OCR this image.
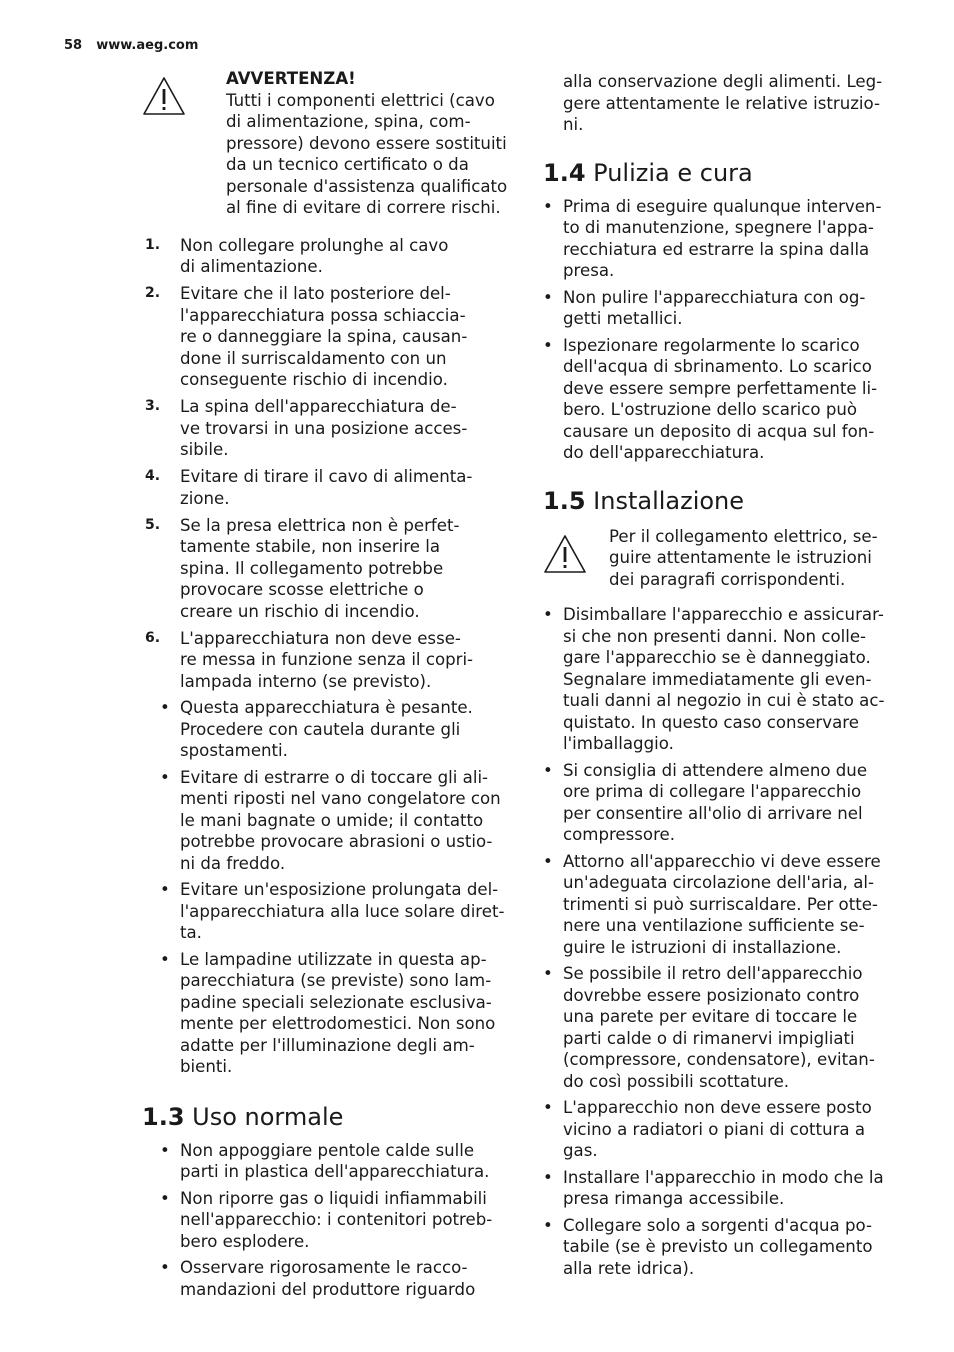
58 www.aeg.com
AVVERTENZA!
Tutti i componenti elettrici (cavo
di alimentazione, spina, com-
pressore) devono essere sostituiti
da un tecnico certificato o da
personale d'assistenza qualificato
al fine di evitare di correre rischi.
1. Non collegare prolunghe al cavo
di alimentazione.
2. Evitare che il lato posteriore del-
l'apparecchiatura possa schiaccia-
re o danneggiare la spina, causan-
done il surriscaldamento con un
conseguente rischio di incendio.
3. La spina dell'apparecchiatura de-
ve trovarsi in una posizione acces-
sibile.
4. Evitare di tirare il cavo di alimenta-
zione.
5. Se la presa elettrica non è perfet-
tamente stabile, non inserire la
spina. Il collegamento potrebbe
provocare scosse elettriche o
creare un rischio di incendio.
6. L'apparecchiatura non deve esse-
re messa in funzione senza il copri-
lampada interno (se previsto).
• Questa apparecchiatura è pesante.
Procedere con cautela durante gli
spostamenti.
• Evitare di estrarre o di toccare gli ali-
menti riposti nel vano congelatore con
le mani bagnate o umide; il contatto
potrebbe provocare abrasioni o ustio-
ni da freddo.
• Evitare un'esposizione prolungata del-
l'apparecchiatura alla luce solare diret-
ta.
• Le lampadine utilizzate in questa ap-
parecchiatura (se previste) sono lam-
padine speciali selezionate esclusiva-
mente per elettrodomestici. Non sono
adatte per l'illuminazione degli am-
bienti.
1.3 Uso normale
• Non appoggiare pentole calde sulle
parti in plastica dell'apparecchiatura.
• Non riporre gas o liquidi infiammabili
nell'apparecchio: i contenitori potreb-
bero esplodere.
• Osservare rigorosamente le racco-
mandazioni del produttore riguardo
alla conservazione degli alimenti. Leg-
gere attentamente le relative istruzio-
ni.
1.4 Pulizia e cura
• Prima di eseguire qualunque interven-
to di manutenzione, spegnere l'appa-
recchiatura ed estrarre la spina dalla
presa.
• Non pulire l'apparecchiatura con og-
getti metallici.
• Ispezionare regolarmente lo scarico
dell'acqua di sbrinamento. Lo scarico
deve essere sempre perfettamente li-
bero. L'ostruzione dello scarico può
causare un deposito di acqua sul fon-
do dell'apparecchiatura.
1.5 Installazione
Per il collegamento elettrico, se-
guire attentamente le istruzioni
dei paragrafi corrispondenti.
• Disimballare l'apparecchio e assicurar-
si che non presenti danni. Non colle-
gare l'apparecchio se è danneggiato.
Segnalare immediatamente gli even-
tuali danni al negozio in cui è stato ac-
quistato. In questo caso conservare
l'imballaggio.
• Si consiglia di attendere almeno due
ore prima di collegare l'apparecchio
per consentire all'olio di arrivare nel
compressore.
• Attorno all'apparecchio vi deve essere
un'adeguata circolazione dell'aria, al-
trimenti si può surriscaldare. Per otte-
nere una ventilazione sufficiente se-
guire le istruzioni di installazione.
• Se possibile il retro dell'apparecchio
dovrebbe essere posizionato contro
una parete per evitare di toccare le
parti calde o di rimanervi impigliati
(compressore, condensatore), evitan-
do così possibili scottature.
• L'apparecchio non deve essere posto
vicino a radiatori o piani di cottura a
gas.
• Installare l'apparecchio in modo che la
presa rimanga accessibile.
• Collegare solo a sorgenti d'acqua po-
tabile (se è previsto un collegamento
alla rete idrica).
